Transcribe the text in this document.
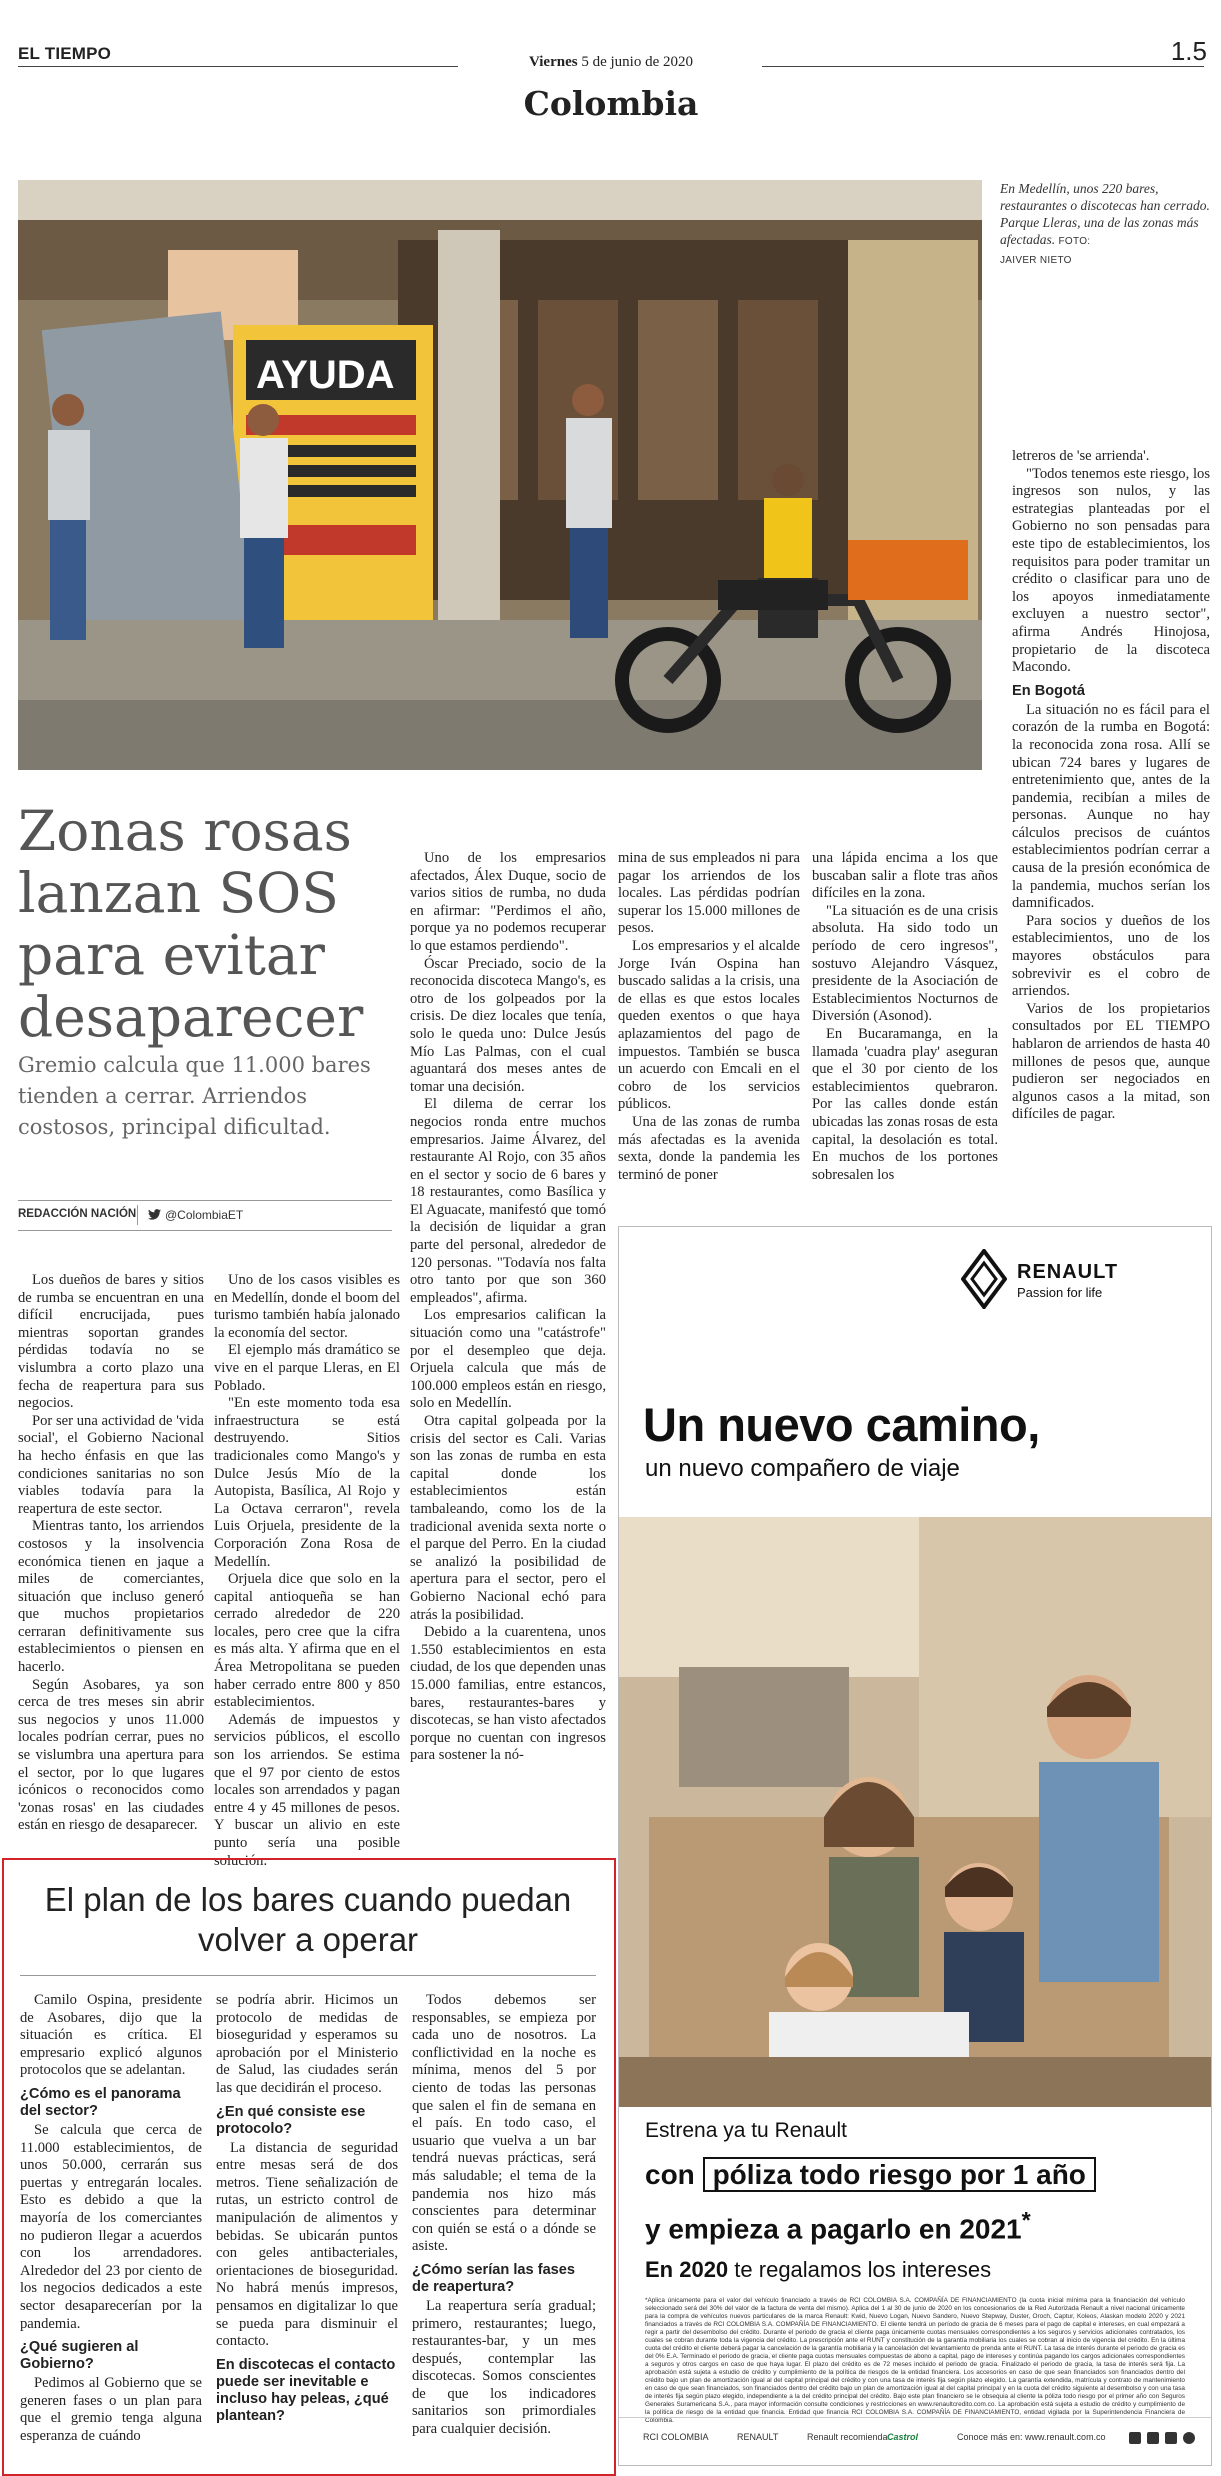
EL TIEMPO	Viernes 5 de junio de 2020	1.5
Colombia
AYUDA
En Medellín, unos 220 bares, restaurantes o discotecas han cerrado. Parque Lleras, una de las zonas más afectadas. FOTO:
JAIVER NIETO
Zonas rosas lanzan SOS para evitar desaparecer
Gremio calcula que 11.000 bares tienden a cerrar. Arriendos costosos, principal dificultad.
REDACCIÓN NACIÓN	@ColombiaET

Los dueños de bares y sitios de rumba se encuentran en una difícil encrucijada, pues mientras soportan grandes pérdidas todavía no se vislumbra a corto plazo una fecha de reapertura para sus negocios.

Por ser una actividad de 'vida social', el Gobierno Nacional ha hecho énfasis en que las condiciones sanitarias no son viables todavía para la reapertura de este sector.

Mientras tanto, los arriendos costosos y la insolvencia económica tienen en jaque a miles de comerciantes, situación que incluso generó que muchos propietarios cerraran definitivamente sus establecimientos o piensen en hacerlo.

Según Asobares, ya son cerca de tres meses sin abrir sus negocios y unos 11.000 locales podrían cerrar, pues no se vislumbra una apertura para el sector, por lo que lugares icónicos o reconocidos como 'zonas rosas' en las ciudades están en riesgo de desaparecer.

Uno de los casos visibles es en Medellín, donde el boom del turismo también había jalonado la economía del sector.

El ejemplo más dramático se vive en el parque Lleras, en El Poblado.

"En este momento toda esa infraestructura se está destruyendo. Sitios tradicionales como Mango's y Dulce Jesús Mío de la Autopista, Basílica, Al Rojo y La Octava cerraron", revela Luis Orjuela, presidente de la Corporación Zona Rosa de Medellín.

Orjuela dice que solo en la capital antioqueña se han cerrado alrededor de 220 locales, pero cree que la cifra es más alta. Y afirma que en el Área Metropolitana se pueden haber cerrado entre 800 y 850 establecimientos.

Además de impuestos y servicios públicos, el escollo son los arriendos. Se estima que el 97 por ciento de estos locales son arrendados y pagan entre 4 y 45 millones de pesos. Y buscar un alivio en este punto sería una posible solución.

Uno de los empresarios afectados, Álex Duque, socio de varios sitios de rumba, no duda en afirmar: "Perdimos el año, porque ya no podemos recuperar lo que estamos perdiendo".

Óscar Preciado, socio de la reconocida discoteca Mango's, es otro de los golpeados por la crisis. De diez locales que tenía, solo le queda uno: Dulce Jesús Mío Las Palmas, con el cual aguantará dos meses antes de tomar una decisión.

El dilema de cerrar los negocios ronda entre muchos empresarios. Jaime Álvarez, del restaurante Al Rojo, con 35 años en el sector y socio de 6 bares y 18 restaurantes, como Basílica y El Aguacate, manifestó que tomó la decisión de liquidar a gran parte del personal, alrededor de 120 personas. "Todavía nos falta otro tanto por que son 360 empleados", afirma.

Los empresarios califican la situación como una "catástrofe" por el desempleo que deja. Orjuela calcula que más de 100.000 empleos están en riesgo, solo en Medellín.

Otra capital golpeada por la crisis del sector es Cali. Varias son las zonas de rumba en esta capital donde los establecimientos están tambaleando, como los de la tradicional avenida sexta norte o el parque del Perro. En la ciudad se analizó la posibilidad de apertura para el sector, pero el Gobierno Nacional echó para atrás la posibilidad.

Debido a la cuarentena, unos 1.550 establecimientos en esta ciudad, de los que dependen unas 15.000 familias, entre estancos, bares, restaurantes-bares y discotecas, se han visto afectados porque no cuentan con ingresos para sostener la nó-

mina de sus empleados ni para pagar los arriendos de los locales. Las pérdidas podrían superar los 15.000 millones de pesos.

Los empresarios y el alcalde Jorge Iván Ospina han buscado salidas a la crisis, una de ellas es que estos locales queden exentos o que haya aplazamientos del pago de impuestos. También se busca un acuerdo con Emcali en el cobro de los servicios públicos.

Una de las zonas de rumba más afectadas es la avenida sexta, donde la pandemia les terminó de poner

una lápida encima a los que buscaban salir a flote tras años difíciles en la zona.

"La situación es de una crisis absoluta. Ha sido todo un período de cero ingresos", sostuvo Alejandro Vásquez, presidente de la Asociación de Establecimientos Nocturnos de Diversión (Asonod).

En Bucaramanga, en la llamada 'cuadra play' aseguran que el 30 por ciento de los establecimientos quebraron. Por las calles donde están ubicadas las zonas rosas de esta capital, la desolación es total. En muchos de los portones sobresalen los

letreros de 'se arrienda'.

"Todos tenemos este riesgo, los ingresos son nulos, y las estrategias planteadas por el Gobierno no son pensadas para este tipo de establecimientos, los requisitos para poder tramitar un crédito o clasificar para uno de los apoyos inmediatamente excluyen a nuestro sector", afirma Andrés Hinojosa, propietario de la discoteca Macondo.

En Bogotá

La situación no es fácil para el corazón de la rumba en Bogotá: la reconocida zona rosa. Allí se ubican 724 bares y lugares de entretenimiento que, antes de la pandemia, recibían a miles de personas. Aunque no hay cálculos precisos de cuántos establecimientos podrían cerrar a causa de la presión económica de la pandemia, muchos serían los damnificados.

Para socios y dueños de los establecimientos, uno de los mayores obstáculos para sobrevivir es el cobro de arriendos.

Varios de los propietarios consultados por EL TIEMPO hablaron de arriendos de hasta 40 millones de pesos que, aunque pudieron ser negociados en algunos casos a la mitad, son difíciles de pagar.

RENAULT
Passion for life
Un nuevo camino,
un nuevo compañero de viaje
Estrena ya tu Renault
con póliza todo riesgo por 1 año
y empieza a pagarlo en 2021*
En 2020 te regalamos los intereses
*Aplica únicamente para el valor del vehículo financiado a través de RCI COLOMBIA S.A. COMPAÑÍA DE FINANCIAMIENTO (la cuota inicial mínima para la financiación del vehículo seleccionado será del 30% del valor de la factura de venta del mismo). Aplica del 1 al 30 de junio de 2020 en los concesionarios de la Red Autorizada Renault a nivel nacional únicamente para la compra de vehículos nuevos particulares de la marca Renault: Kwid, Nuevo Logan, Nuevo Sandero, Nuevo Stepway, Duster, Oroch, Captur, Koleos, Alaskan modelo 2020 y 2021 financiados a través de RCI COLOMBIA S.A. COMPAÑÍA DE FINANCIAMIENTO. El cliente tendrá un período de gracia de 6 meses para el pago de capital e intereses, en cual empezará a regir a partir del desembolso del crédito. Durante el periodo de gracia el cliente paga únicamente cuotas mensuales correspondientes a los seguros y servicios adicionales contratados, los cuales se cobran durante toda la vigencia del crédito. La prescripción ante el RUNT y constitución de la garantía mobiliaria los cuales se cobran al inicio de vigencia del crédito. En la última cuota del crédito el cliente deberá pagar la cancelación de la garantía mobiliaria y la cancelación del levantamiento de prenda ante el RUNT. La tasa de interés durante el periodo de gracia es del 0% E.A. Terminado el periodo de gracia, el cliente paga cuotas mensuales compuestas de abono a capital, pago de intereses y continúa pagando los cargos adicionales correspondientes a seguros y otros cargos en caso de que haya lugar. El plazo del crédito es de 72 meses incluido el periodo de gracia. Finalizado el periodo de gracia, la tasa de interés será fija. La aprobación está sujeta a estudio de crédito y cumplimiento de la política de riesgos de la entidad financiera. Los accesorios en caso de que sean financiados son financiados dentro del crédito bajo un plan de amortización igual al del capital principal del crédito y con una tasa de interés fija según plazo elegido. La garantía extendida, matrícula y contrato de mantenimiento en caso de que sean financiados, son financiados dentro del crédito bajo un plan de amortización igual al del capital principal y en la cuota del crédito siguiente al desembolso y con una tasa de interés fija según plazo elegido, independiente a la del crédito principal del crédito. Bajo este plan financiero se le obsequia al cliente la póliza todo riesgo por el primer año con Seguros Generales Suramericana S.A., para mayor información consulte condiciones y restricciones en www.renaultcredito.com.co. La aprobación está sujeta a estudio de crédito y cumplimiento de la política de riesgo de la entidad que financia. Entidad que financia RCI COLOMBIA S.A. COMPAÑÍA DE FINANCIAMIENTO, entidad vigilada por la Superintendencia Financiera de Colombia.
RCI COLOMBIA	RENAULT	Renault recomienda Castrol	Conoce más en: www.renault.com.co
El plan de los bares cuando puedan volver a operar

Camilo Ospina, presidente de Asobares, dijo que la situación es crítica. El empresario explicó algunos protocolos que se adelantan.

¿Cómo es el panorama del sector?

Se calcula que cerca de 11.000 establecimientos, de unos 50.000, cerrarán sus puertas y entregarán locales. Esto es debido a que la mayoría de los comerciantes no pudieron llegar a acuerdos con los arrendadores. Alrededor del 23 por ciento de los negocios dedicados a este sector desaparecerían por la pandemia.

¿Qué sugieren al Gobierno?

Pedimos al Gobierno que se generen fases o un plan para que el gremio tenga alguna esperanza de cuándo

se podría abrir. Hicimos un protocolo de medidas de bioseguridad y esperamos su aprobación por el Ministerio de Salud, las ciudades serán las que decidirán el proceso.

¿En qué consiste ese protocolo?

La distancia de seguridad entre mesas será de dos metros. Tiene señalización de rutas, un estricto control de manipulación de alimentos y bebidas. Se ubicarán puntos con geles antibacteriales, orientaciones de bioseguridad. No habrá menús impresos, pensamos en digitalizar lo que se pueda para disminuir el contacto.

En discotecas el contacto puede ser inevitable e incluso hay peleas, ¿qué plantean?

Todos debemos ser responsables, se empieza por cada uno de nosotros. La conflictividad en la noche es mínima, menos del 5 por ciento de todas las personas que salen el fin de semana en el país. En todo caso, el usuario que vuelva a un bar tendrá nuevas prácticas, será más saludable; el tema de la pandemia nos hizo más conscientes para determinar con quién se está o a dónde se asiste.

¿Cómo serían las fases de reapertura?

La reapertura sería gradual; primero, restaurantes; luego, restaurantes-bar, y un mes después, contemplar las discotecas. Somos conscientes de que los indicadores sanitarios son primordiales para cualquier decisión.
